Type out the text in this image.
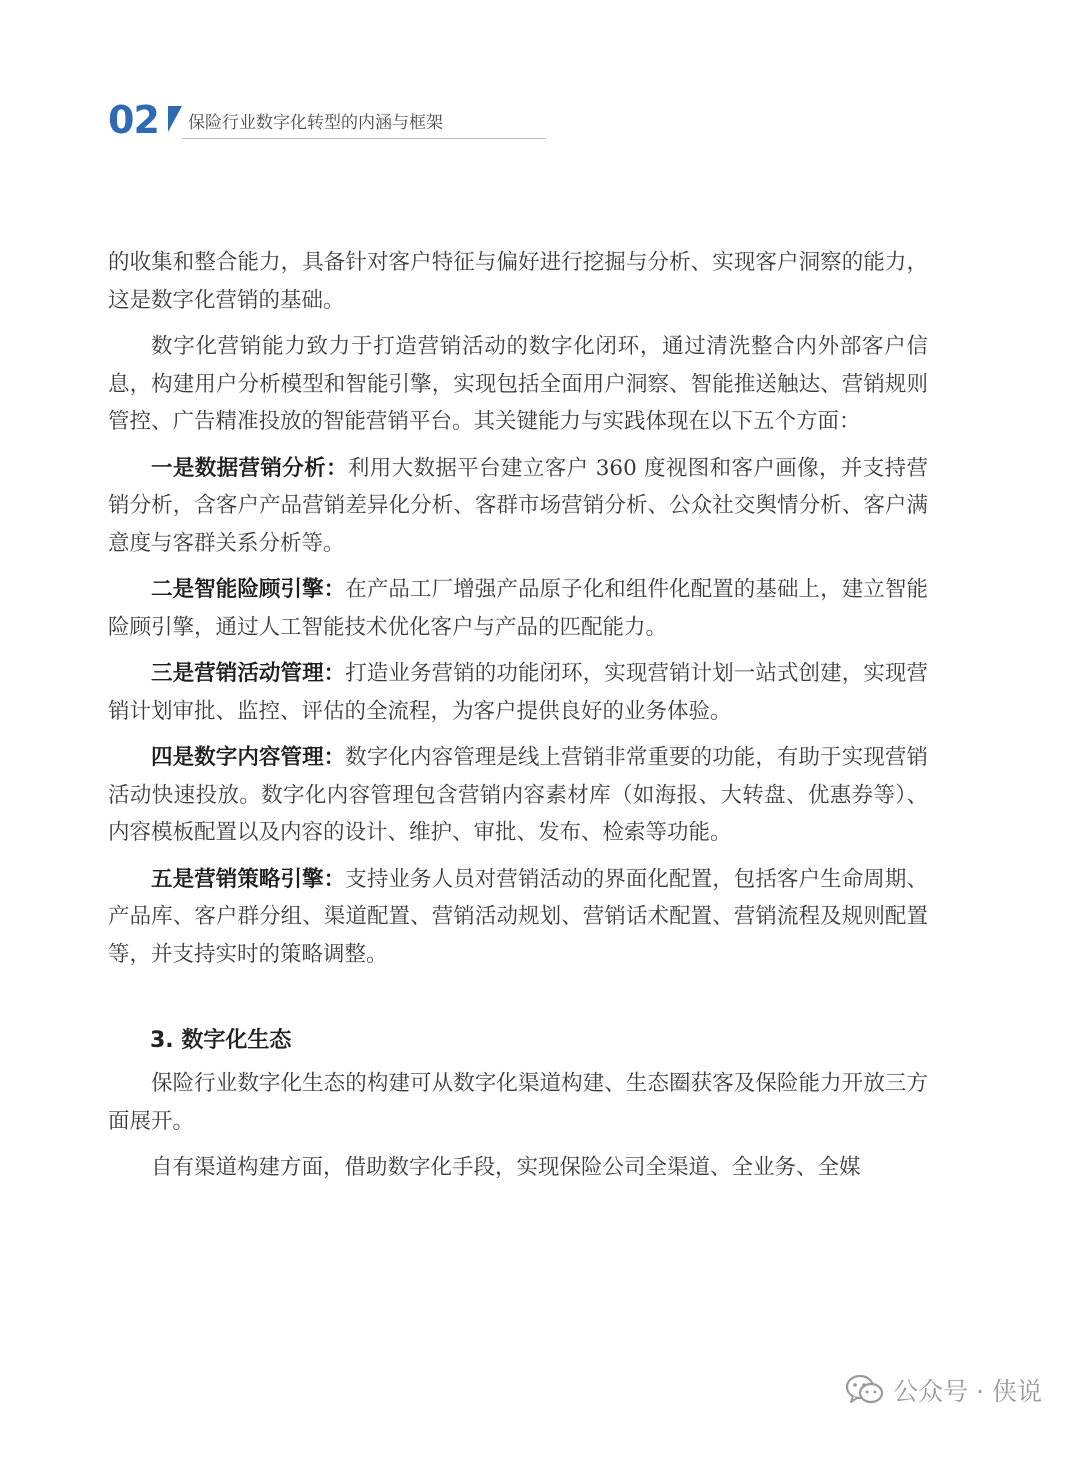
02 保险行业数字化转型的内涵与框架

的收集和整合能力，具备针对客户特征与偏好进行挖掘与分析、实现客户洞察的能力，这是数字化营销的基础。

数字化营销能力致力于打造营销活动的数字化闭环，通过清洗整合内外部客户信息，构建用户分析模型和智能引擎，实现包括全面用户洞察、智能推送触达、营销规则管控、广告精准投放的智能营销平台。其关键能力与实践体现在以下五个方面：

一是数据营销分析：利用大数据平台建立客户 360 度视图和客户画像，并支持营销分析，含客户产品营销差异化分析、客群市场营销分析、公众社交舆情分析、客户满意度与客群关系分析等。

二是智能险顾引擎：在产品工厂增强产品原子化和组件化配置的基础上，建立智能险顾引擎，通过人工智能技术优化客户与产品的匹配能力。

三是营销活动管理：打造业务营销的功能闭环，实现营销计划一站式创建，实现营销计划审批、监控、评估的全流程，为客户提供良好的业务体验。

四是数字内容管理：数字化内容管理是线上营销非常重要的功能，有助于实现营销活动快速投放。数字化内容管理包含营销内容素材库（如海报、大转盘、优惠券等）、内容模板配置以及内容的设计、维护、审批、发布、检索等功能。

五是营销策略引擎：支持业务人员对营销活动的界面化配置，包括客户生命周期、产品库、客户群分组、渠道配置、营销活动规划、营销话术配置、营销流程及规则配置等，并支持实时的策略调整。

3. 数字化生态

保险行业数字化生态的构建可从数字化渠道构建、生态圈获客及保险能力开放三方面展开。

自有渠道构建方面，借助数字化手段，实现保险公司全渠道、全业务、全媒

公众号 · 侠说
